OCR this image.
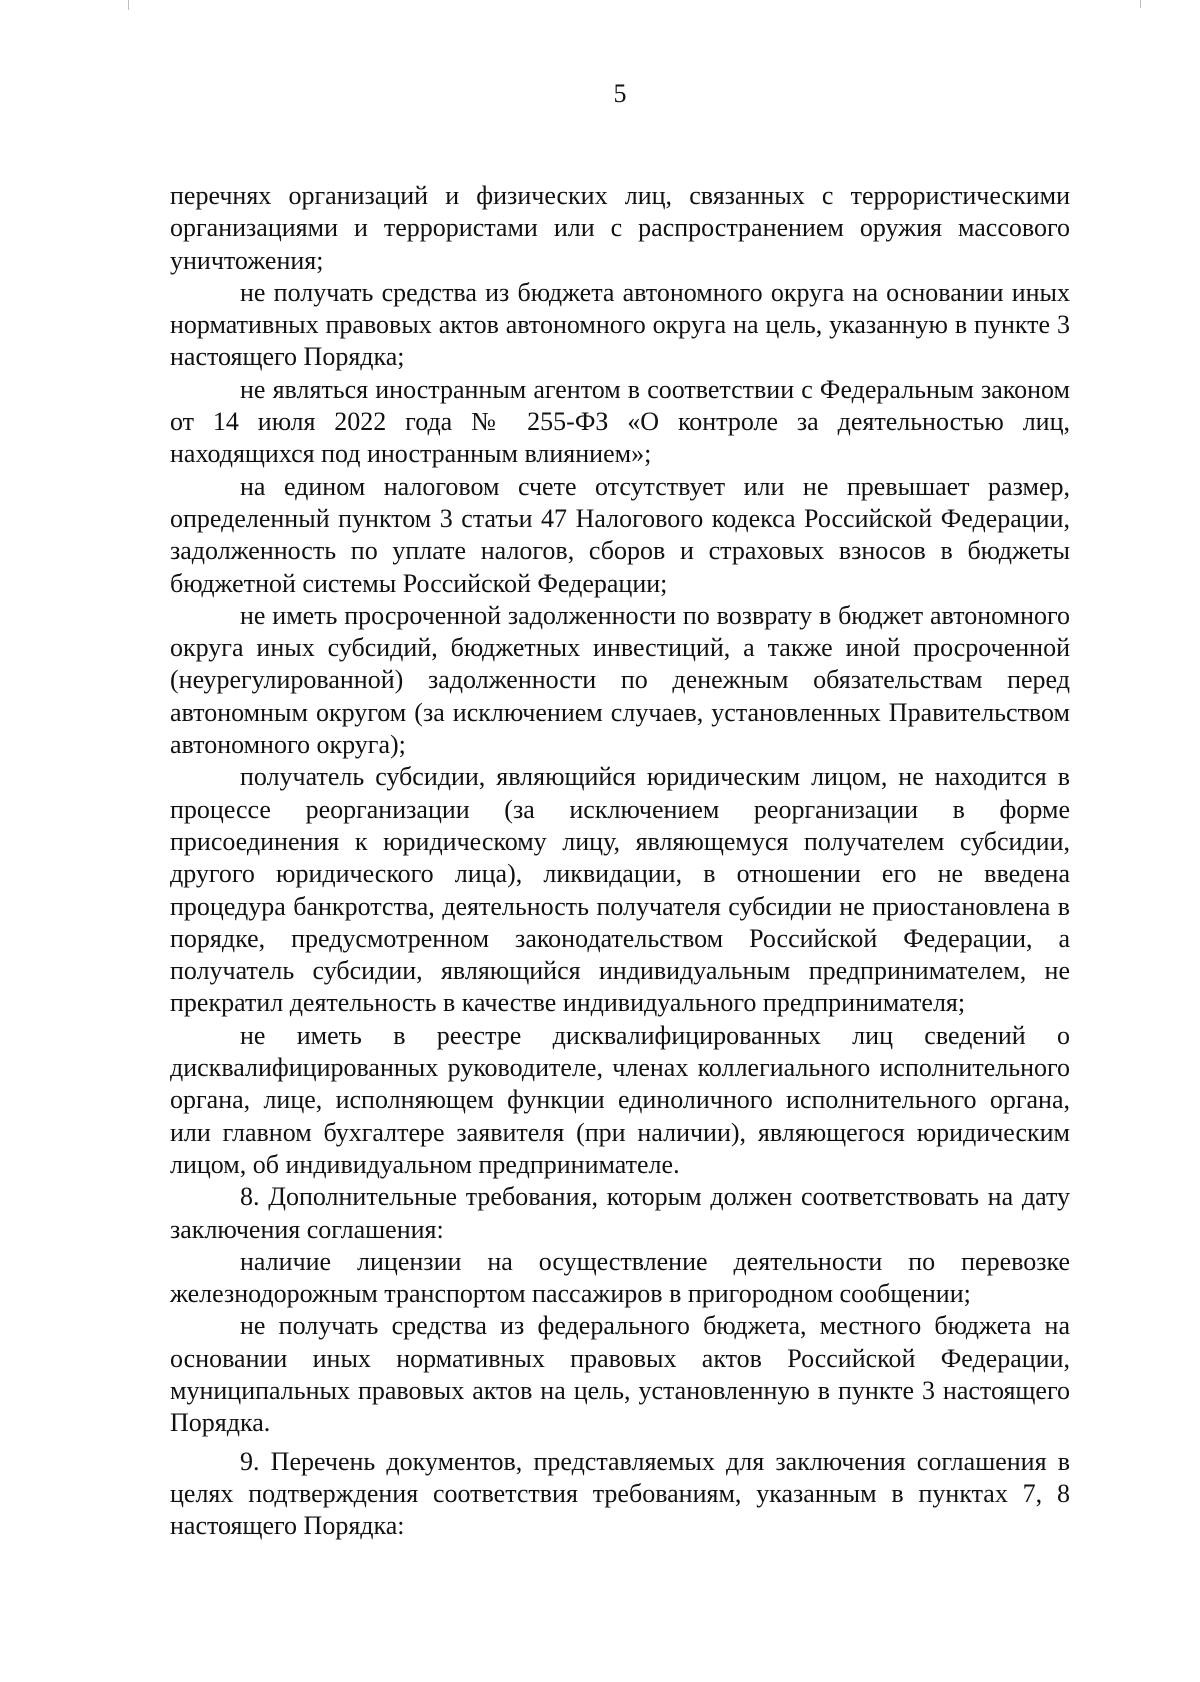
5

перечнях организаций и физических лиц, связанных с террористическими организациями и террористами или с распространением оружия массового уничтожения;

не получать средства из бюджета автономного округа на основании иных нормативных правовых актов автономного округа на цель, указанную в пункте 3 настоящего Порядка;

не являться иностранным агентом в соответствии с Федеральным законом от 14 июля 2022 года № 255-ФЗ «О контроле за деятельностью лиц, находящихся под иностранным влиянием»;

на едином налоговом счете отсутствует или не превышает размер, определенный пунктом 3 статьи 47 Налогового кодекса Российской Федерации, задолженность по уплате налогов, сборов и страховых взносов в бюджеты бюджетной системы Российской Федерации;

не иметь просроченной задолженности по возврату в бюджет автономного округа иных субсидий, бюджетных инвестиций, а также иной просроченной (неурегулированной) задолженности по денежным обязательствам перед автономным округом (за исключением случаев, установленных Правительством автономного округа);

получатель субсидии, являющийся юридическим лицом, не находится в процессе реорганизации (за исключением реорганизации в форме присоединения к юридическому лицу, являющемуся получателем субсидии, другого юридического лица), ликвидации, в отношении его не введена процедура банкротства, деятельность получателя субсидии не приостановлена в порядке, предусмотренном законодательством Российской Федерации, а получатель субсидии, являющийся индивидуальным предпринимателем, не прекратил деятельность в качестве индивидуального предпринимателя;

не иметь в реестре дисквалифицированных лиц сведений о дисквалифицированных руководителе, членах коллегиального исполнительного органа, лице, исполняющем функции единоличного исполнительного органа, или главном бухгалтере заявителя (при наличии), являющегося юридическим лицом, об индивидуальном предпринимателе.

8. Дополнительные требования, которым должен соответствовать на дату заключения соглашения:

наличие лицензии на осуществление деятельности по перевозке железнодорожным транспортом пассажиров в пригородном сообщении;

не получать средства из федерального бюджета, местного бюджета на основании иных нормативных правовых актов Российской Федерации, муниципальных правовых актов на цель, установленную в пункте 3 настоящего Порядка.

9. Перечень документов, представляемых для заключения соглашения в целях подтверждения соответствия требованиям, указанным в пунктах 7, 8 настоящего Порядка:
